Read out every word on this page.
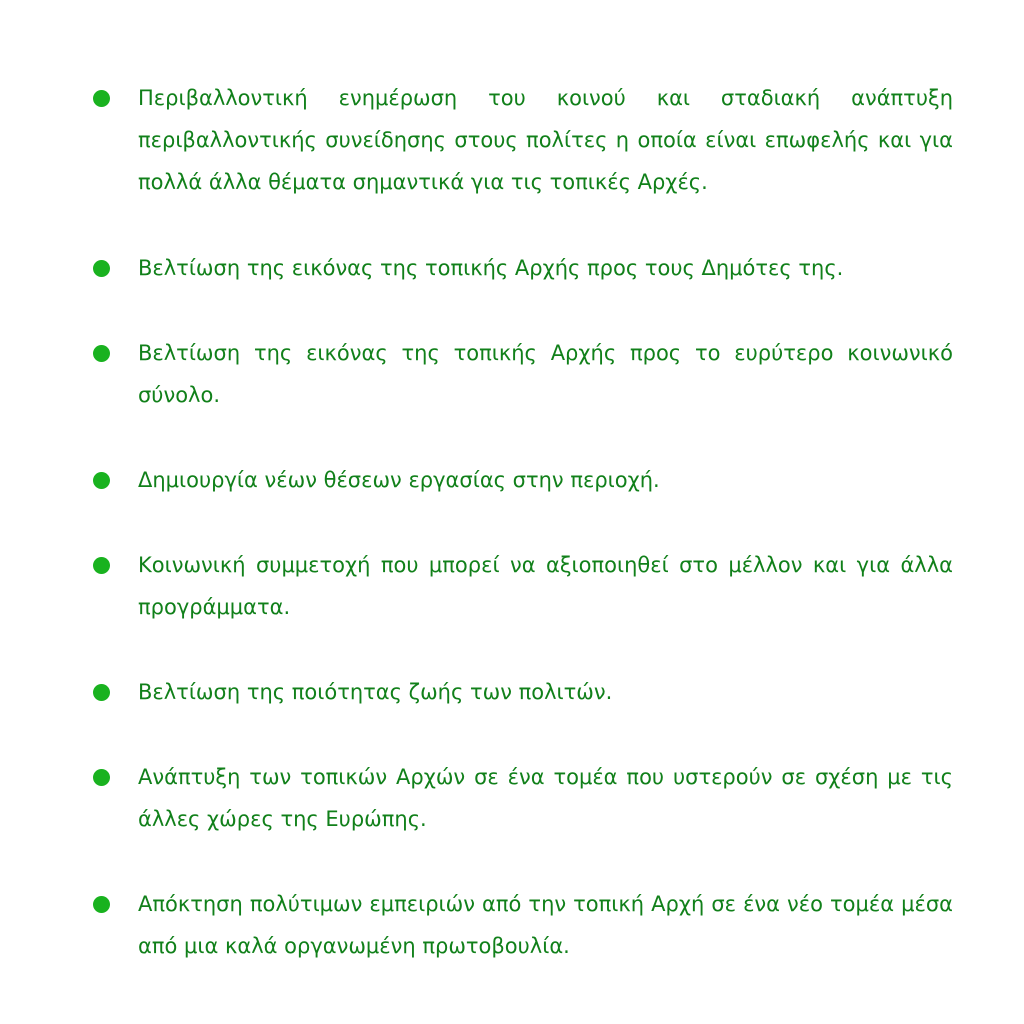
Περιβαλλοντική ενημέρωση του κοινού και σταδιακή ανάπτυξη περιβαλλοντικής συνείδησης στους πολίτες η οποία είναι επωφελής και για πολλά άλλα θέματα σημαντικά για τις τοπικές Αρχές.
Βελτίωση της εικόνας της τοπικής Αρχής προς τους Δημότες της.
Βελτίωση της εικόνας της τοπικής Αρχής προς το ευρύτερο κοινωνικό σύνολο.
Δημιουργία νέων θέσεων εργασίας στην περιοχή.
Κοινωνική συμμετοχή που μπορεί να αξιοποιηθεί στο μέλλον και για άλλα προγράμματα.
Βελτίωση της ποιότητας ζωής των πολιτών.
Ανάπτυξη των τοπικών Αρχών σε ένα τομέα που υστερούν σε σχέση με τις άλλες χώρες της Ευρώπης.
Απόκτηση πολύτιμων εμπειριών από την τοπική Αρχή σε ένα νέο τομέα μέσα από μια καλά οργανωμένη πρωτοβουλία.
